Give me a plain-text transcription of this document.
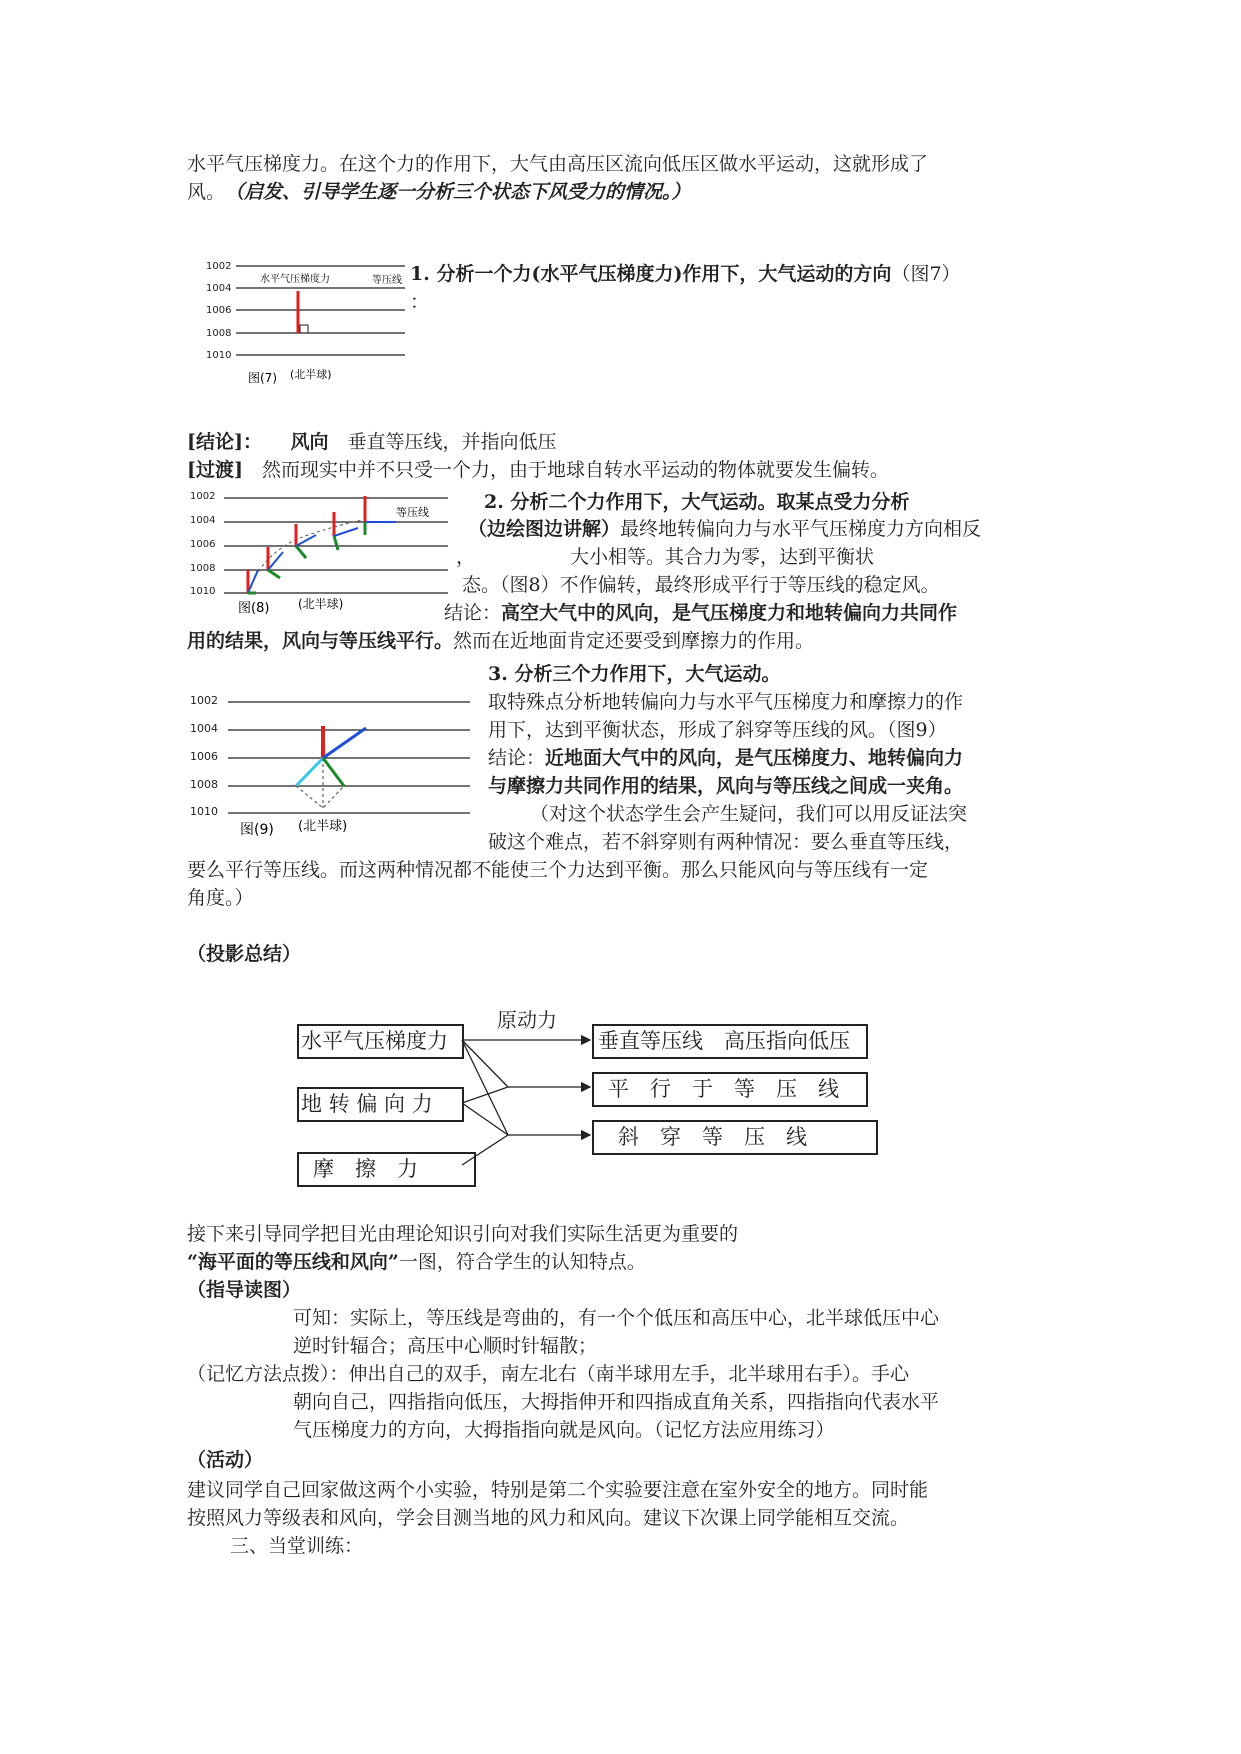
水平气压梯度力。在这个力的作用下，大气由高压区流向低压区做水平运动，这就形成了
风。　 （启发、引导学生逐一分析三个状态下风受力的情况。）
1002
1004
1006
1008
1010
水平气压梯度力	等压线
图(7) (北半球)
1. 分析一个力(水平气压梯度力)作用下，大气运动的方向（图7）
：
[结论]：　　 风向　 垂直等压线，并指向低压
[过渡]　 然而现实中并不只受一个力，由于地球自转水平运动的物体就要发生偏转。
1002
1004
1006
1008
1010
等压线
图(8) (北半球)
2. 分析二个力作用下，大气运动。取某点受力分析
（边绘图边讲解）最终地转偏向力与水平气压梯度力方向相反
，	大小相等。其合力为零，达到平衡状
态。（图8）不作偏转，最终形成平行于等压线的稳定风。
结论：高空大气中的风向，是气压梯度力和地转偏向力共同作
用的结果，风向与等压线平行。然而在近地面肯定还要受到摩擦力的作用。
1002
1004
1006
1008
1010
图(9) (北半球)
3. 分析三个力作用下，大气运动。
取特殊点分析地转偏向力与水平气压梯度力和摩擦力的作
用下，达到平衡状态，形成了斜穿等压线的风。（图9）
结论：近地面大气中的风向，是气压梯度力、地转偏向力
与摩擦力共同作用的结果，风向与等压线之间成一夹角。
（对这个状态学生会产生疑问，我们可以用反证法突
破这个难点，若不斜穿则有两种情况：要么垂直等压线，
要么平行等压线。而这两种情况都不能使三个力达到平衡。那么只能风向与等压线有一定
角度。）
（投影总结）
原动力
水平气压梯度力
地 转 偏 向 力
摩　擦　力
垂直等压线　高压指向低压
平　行　于　等　压　线
斜　穿　等　压　线
接下来引导同学把目光由理论知识引向对我们实际生活更为重要的
“海平面的等压线和风向”一图，符合学生的认知特点。
（指导读图）
可知：实际上，等压线是弯曲的，有一个个低压和高压中心，北半球低压中心
逆时针辐合；高压中心顺时针辐散；
（记忆方法点拨）：伸出自己的双手，南左北右（南半球用左手，北半球用右手）。手心
朝向自己，四指指向低压，大拇指伸开和四指成直角关系，四指指向代表水平
气压梯度力的方向，大拇指指向就是风向。（记忆方法应用练习）
（活动）
建议同学自己回家做这两个小实验，特别是第二个实验要注意在室外安全的地方。同时能
按照风力等级表和风向，学会目测当地的风力和风向。建议下次课上同学能相互交流。
三、当堂训练：
